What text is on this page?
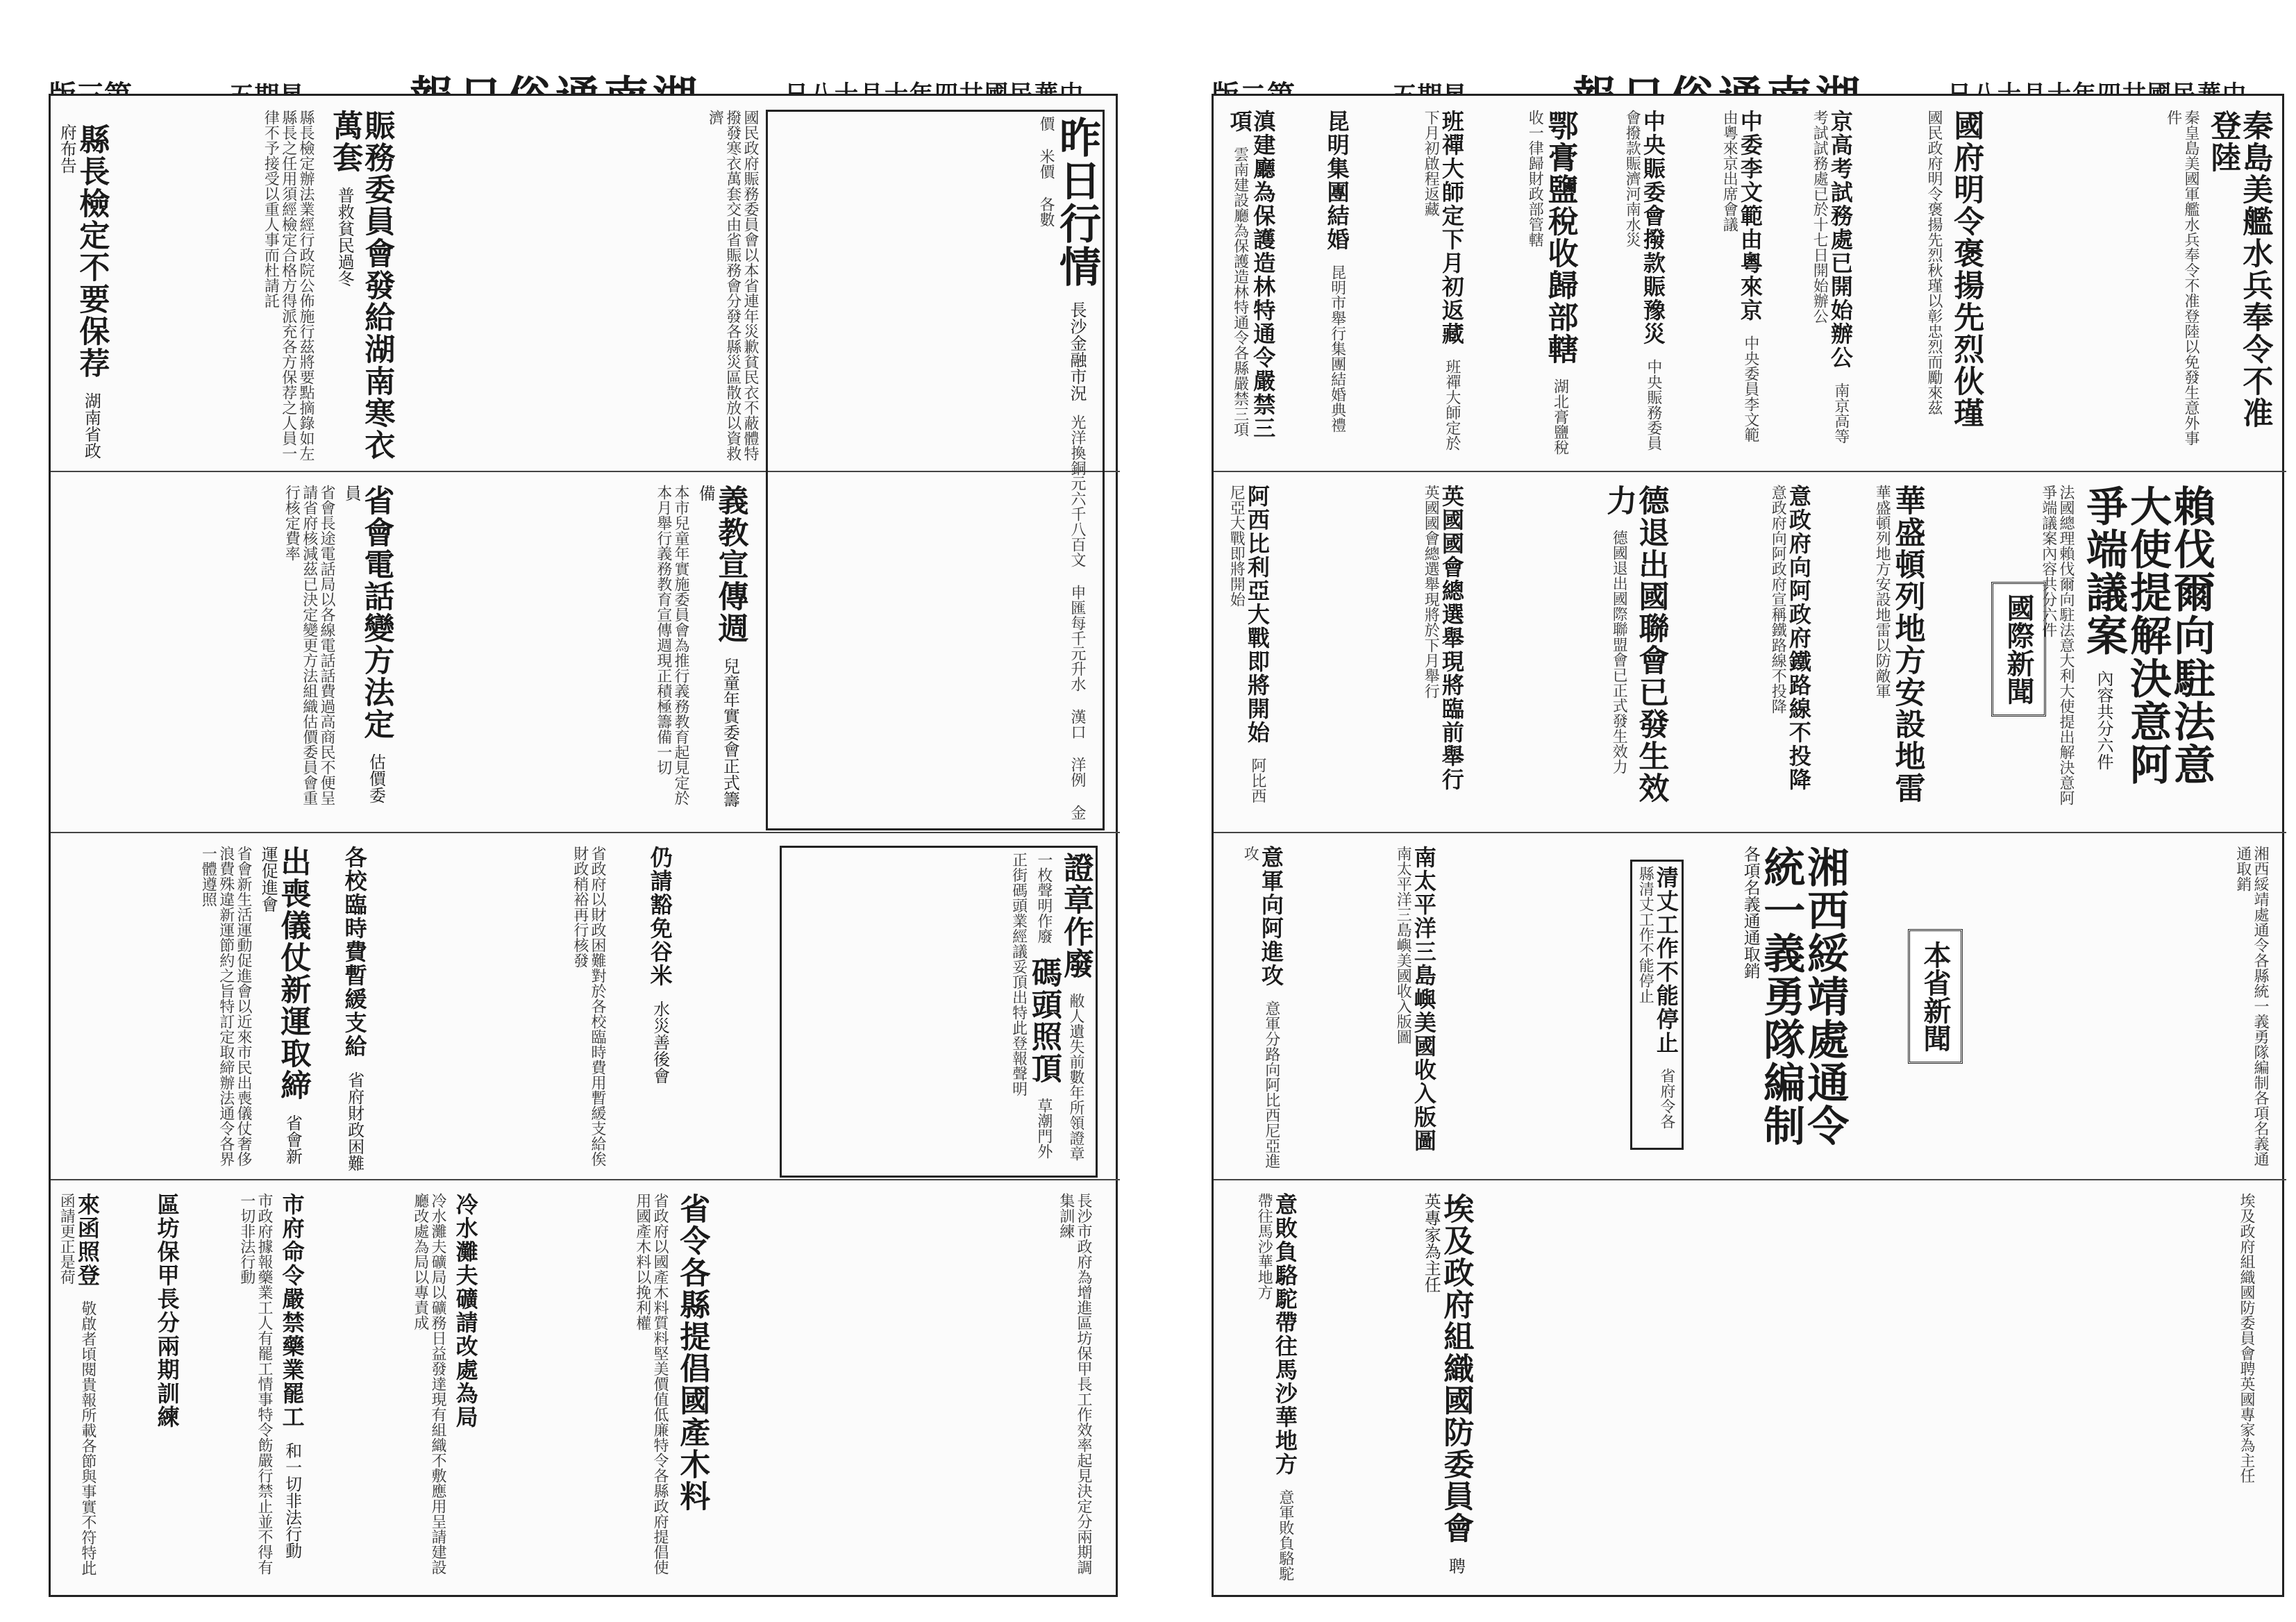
縣長檢定不要保荐 湖南省政府布告	縣長檢定辦法業經行政院公佈施行茲將要點摘錄如左縣長之任用須經檢定合格方得派充各方保荐之人員一律不予接受以重人事而杜請託	賑務委員會發給湖南寒衣萬套 普救貧民過冬	國民政府賑務委員會以本省連年災歉貧民衣不蔽體特撥發寒衣萬套交由省賑務會分發各縣災區散放以資救濟	昨日行情 長沙金融市況 光洋換銅元六千八百文 申匯每千元升水 漢口 洋例 金價 米價 各數
省會電話變方法定 估價委員
省會長途電話局以各線電話話費過高商民不便呈請省府核減茲已決定變更方法組織估價委員會重行核定費率	本市兒童年實施委員會為推行義務教育起見定於本月舉行義務教育宣傳週現正積極籌備一切	義教宣傳週 兒童年實委會正式籌備
出喪儀仗新運取締 省會新運促進會
省會新生活運動促進會以近來市民出喪儀仗奢侈浪費殊違新運節約之旨特訂定取締辦法通令各界一體遵照	各校臨時費暫緩支給 省府財政困難	省政府以財政困難對於各校臨時費用暫緩支給俟財政稍裕再行核發	證章作廢 敝人遺失前數年所領證章一枚聲明作廢 碼頭照頂 草潮門外正街碼頭業經議妥頂出特此登報聲明
仍請豁免谷米 水災善後會
省令各縣提倡國產木料
省政府以國產木料質料堅美價值低廉特令各縣政府提倡使用國產木料以挽利權
冷水灘夫礦請改處為局
冷水灘夫礦局以礦務日益發達現有組織不敷應用呈請建設廳改處為局以專責成
市府命令嚴禁藥業罷工 和一切非法行動
市政府據報藥業工人有罷工情事特令飭嚴行禁止並不得有一切非法行動
區坊保甲長分兩期訓練
來函照登 敬啟者頃閱貴報所載各節與事實不符特此函請更正是荷	長沙市政府為增進區坊保甲長工作效率起見決定分兩期調集訓練
秦島美艦水兵奉令不准登陸
秦皇島美國軍艦水兵奉令不准登陸以免發生意外事件
國府明令褒揚先烈伙瑾
國民政府明令褒揚先烈秋瑾以彰忠烈而勵來茲
京高考試務處已開始辦公 南京高等考試試務處已於十七日開始辦公
中委李文範由粵來京 中央委員李文範由粵來京出席會議
中央賑委會撥款賑豫災 中央賑務委員會撥款賑濟河南水災
鄂膏鹽稅收歸部轄 湖北膏鹽稅收一律歸財政部管轄
班禪大師定下月初返藏 班禪大師定於下月初啟程返藏
昆明集團結婚 昆明市舉行集團結婚典禮
滇建廳為保護造林特通令嚴禁三項 雲南建設廳為保護造林特通令各縣嚴禁三項
國際新聞
本省新聞
賴伐爾向駐法意大使提解決意阿爭端議案 內容共分六件
法國總理賴伐爾向駐法意大利大使提出解決意阿爭端議案內容共分六件
華盛頓列地方安設地雷 華盛頓列地方安設地雷以防敵軍
意政府向阿政府鐵路線不投降 意政府向阿政府宣稱鐵路線不投降
德退出國聯會已發生效力 德國退出國際聯盟會已正式發生效力
英國國會總選舉現將臨前舉行 英國國會總選舉現將於下月舉行
阿西比利亞大戰即將開始 阿比西尼亞大戰即將開始
湘西綏靖處通令統一義勇隊編制 各項名義通通取銷	湘西綏靖處通令各縣統一義勇隊編制各項名義通通取銷
清丈工作不能停止 省府令各縣清丈工作不能停止
南太平洋三島嶼美國收入版圖 南太平洋三島嶼美國收入版圖
意軍向阿進攻 意軍分路向阿比西尼亞進攻
埃及政府組織國防委員會 聘英專家為主任
意敗負駱駝帶往馬沙華地方 意軍敗負駱駝帶往馬沙華地方	埃及政府組織國防委員會聘英國專家為主任
